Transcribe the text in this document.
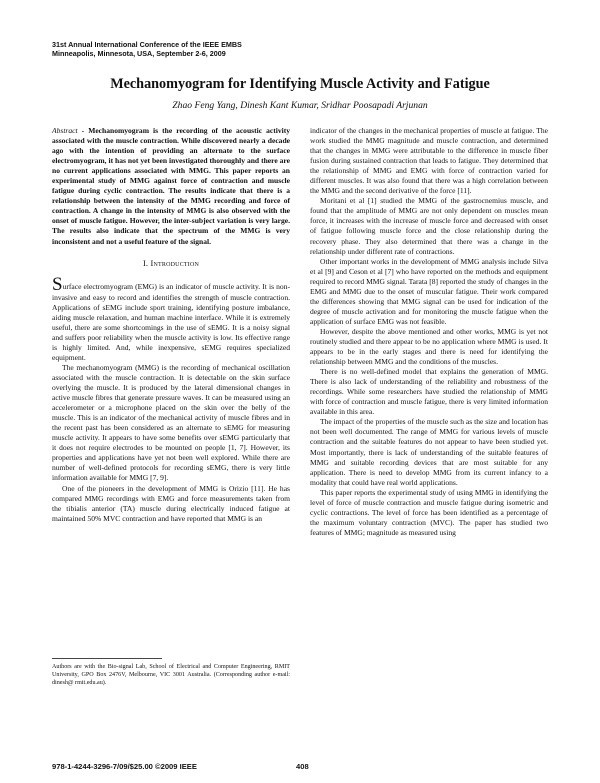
31st Annual International Conference of the IEEE EMBS
Minneapolis, Minnesota, USA, September 2-6, 2009
Mechanomyogram for Identifying Muscle Activity and Fatigue
Zhao Feng Yang, Dinesh Kant Kumar, Sridhar Poosapadi Arjunan

Abstract - Mechanomyogram is the recording of the acoustic activity associated with the muscle contraction. While discovered nearly a decade ago with the intention of providing an alternate to the surface electromyogram, it has not yet been investigated thoroughly and there are no current applications associated with MMG. This paper reports an experimental study of MMG against force of contraction and muscle fatigue during cyclic contraction. The results indicate that there is a relationship between the intensity of the MMG recording and force of contraction. A change in the intensity of MMG is also observed with the onset of muscle fatigue. However, the inter-subject variation is very large. The results also indicate that the spectrum of the MMG is very inconsistent and not a useful feature of the signal.

I. Introduction

Surface electromyogram (EMG) is an indicator of muscle activity. It is non-invasive and easy to record and identifies the strength of muscle contraction. Applications of sEMG include sport training, identifying posture imbalance, aiding muscle relaxation, and human machine interface. While it is extremely useful, there are some shortcomings in the use of sEMG. It is a noisy signal and suffers poor reliability when the muscle activity is low. Its effective range is highly limited. And, while inexpensive, sEMG requires specialized equipment.

The mechanomyogram (MMG) is the recording of mechanical oscillation associated with the muscle contraction. It is detectable on the skin surface overlying the muscle. It is produced by the lateral dimensional changes in active muscle fibres that generate pressure waves. It can be measured using an accelerometer or a microphone placed on the skin over the belly of the muscle. This is an indicator of the mechanical activity of muscle fibres and in the recent past has been considered as an alternate to sEMG for measuring muscle activity. It appears to have some benefits over sEMG particularly that it does not require electrodes to be mounted on people [1, 7]. However, its properties and applications have yet not been well explored. While there are number of well-defined protocols for recording sEMG, there is very little information available for MMG [7, 9].

One of the pioneers in the development of MMG is Orizio [11]. He has compared MMG recordings with EMG and force measurements taken from the tibialis anterior (TA) muscle during electrically induced fatigue at maintained 50% MVC contraction and have reported that MMG is an

Authors are with the Bio-signal Lab, School of Electrical and Computer Engineering, RMIT University, GPO Box 2476V, Melbourne, VIC 3001 Australia. (Corresponding author e-mail: dinesh@ rmit.edu.au).

indicator of the changes in the mechanical properties of muscle at fatigue. The work studied the MMG magnitude and muscle contraction, and determined that the changes in MMG were attributable to the difference in muscle fiber fusion during sustained contraction that leads to fatigue. They determined that the relationship of MMG and EMG with force of contraction varied for different muscles. It was also found that there was a high correlation between the MMG and the second derivative of the force [11].

Moritani et al [1] studied the MMG of the gastrocnemius muscle, and found that the amplitude of MMG are not only dependent on muscles mean force, it increases with the increase of muscle force and decreased with onset of fatigue following muscle force and the close relationship during the recovery phase. They also determined that there was a change in the relationship under different rate of contractions.

Other important works in the development of MMG analysis include Silva et al [9] and Ceson et al [7] who have reported on the methods and equipment required to record MMG signal. Tarata [8] reported the study of changes in the EMG and MMG due to the onset of muscular fatigue. Their work compared the differences showing that MMG signal can be used for indication of the degree of muscle activation and for monitoring the muscle fatigue when the application of surface EMG was not feasible.

However, despite the above mentioned and other works, MMG is yet not routinely studied and there appear to be no application where MMG is used. It appears to be in the early stages and there is need for identifying the relationship between MMG and the conditions of the muscles.

There is no well-defined model that explains the generation of MMG. There is also lack of understanding of the reliability and robustness of the recordings. While some researchers have studied the relationship of MMG with force of contraction and muscle fatigue, there is very limited information available in this area.

The impact of the properties of the muscle such as the size and location has not been well documented. The range of MMG for various levels of muscle contraction and the suitable features do not appear to have been studied yet. Most importantly, there is lack of understanding of the suitable features of MMG and suitable recording devices that are most suitable for any application. There is need to develop MMG from its current infancy to a modality that could have real world applications.

This paper reports the experimental study of using MMG in identifying the level of force of muscle contraction and muscle fatigue during isometric and cyclic contractions. The level of force has been identified as a percentage of the maximum voluntary contraction (MVC). The paper has studied two features of MMG; magnitude as measured using

978-1-4244-3296-7/09/$25.00 ©2009 IEEE	408
